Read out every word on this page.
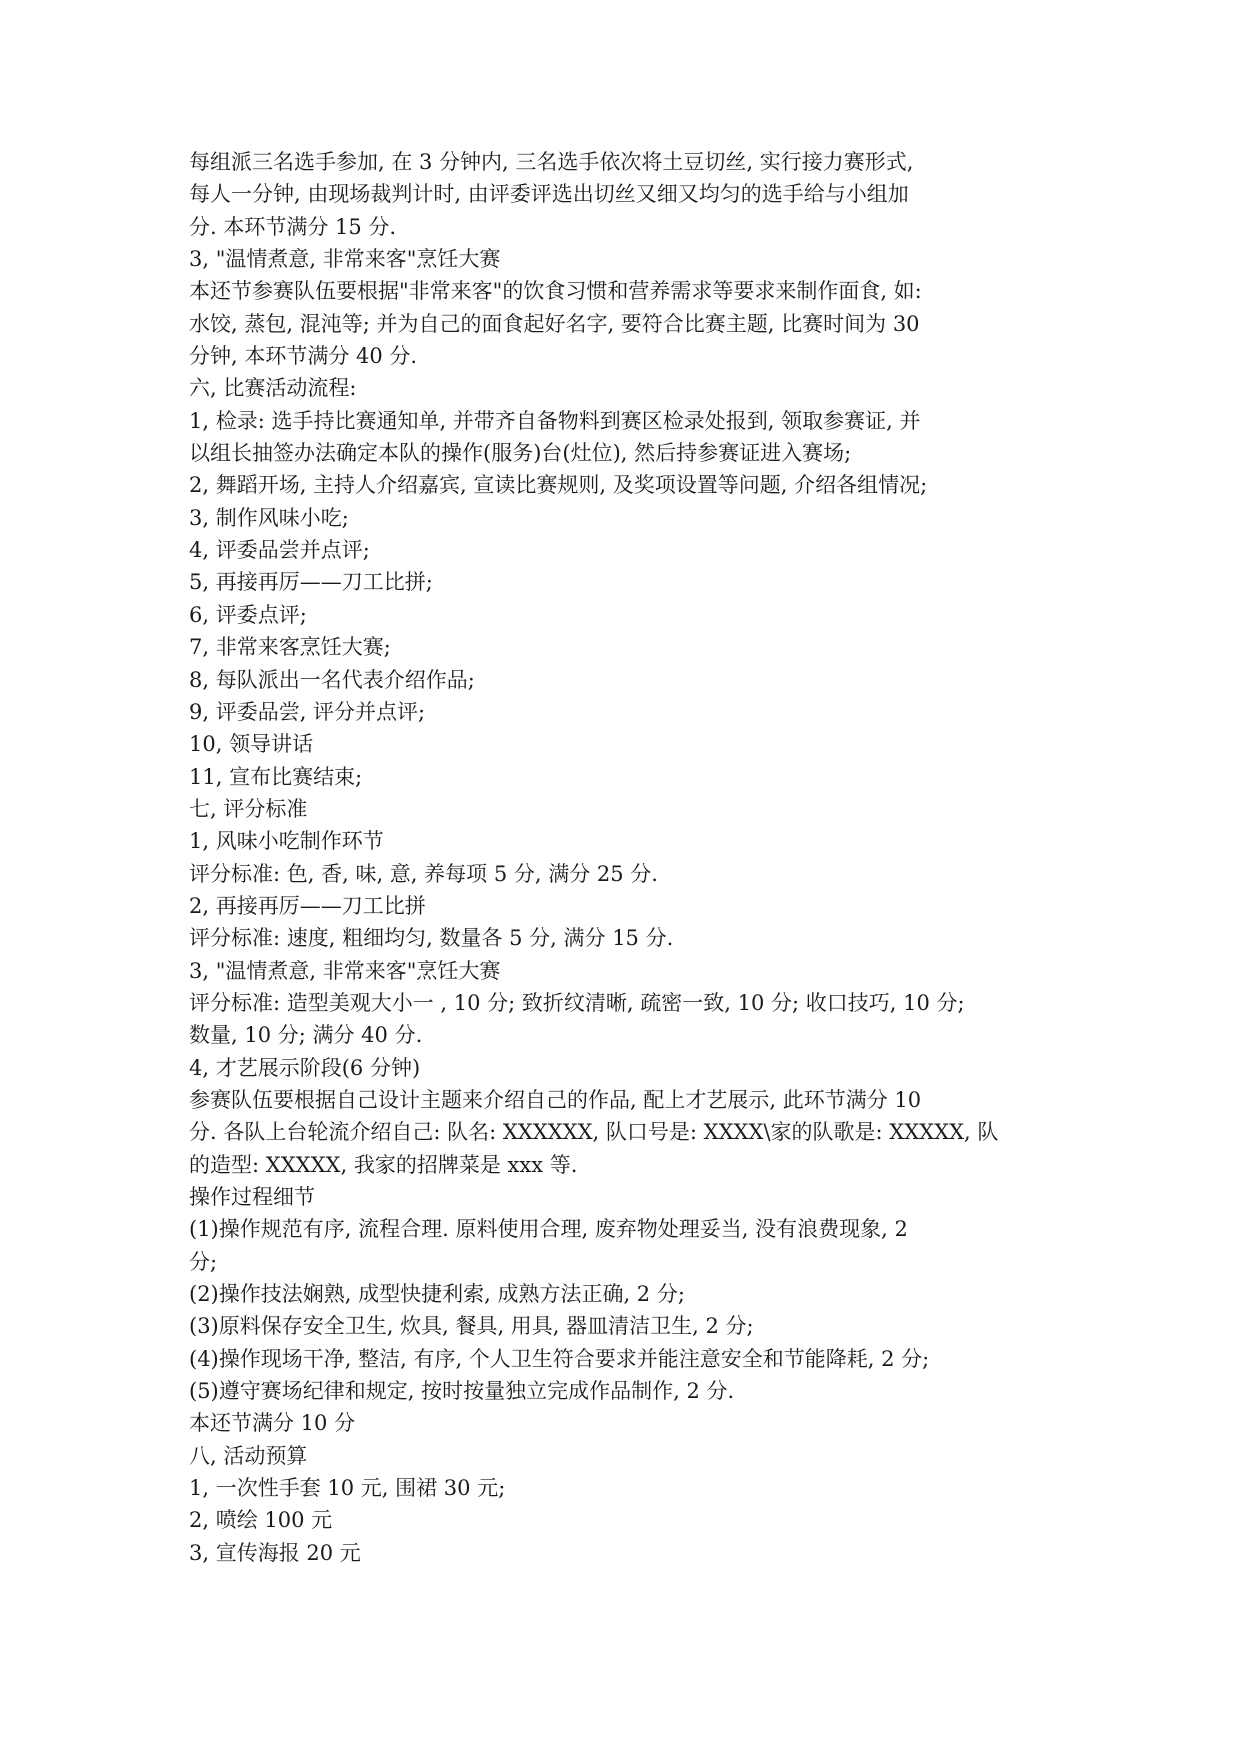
每组派三名选手参加, 在 3 分钟内, 三名选手依次将土豆切丝, 实行接力赛形式,
每人一分钟, 由现场裁判计时, 由评委评选出切丝又细又均匀的选手给与小组加
分. 本环节满分 15 分.
3, "温情煮意, 非常来客"烹饪大赛
本还节参赛队伍要根据"非常来客"的饮食习惯和营养需求等要求来制作面食, 如:
水饺, 蒸包, 混沌等; 并为自己的面食起好名字, 要符合比赛主题, 比赛时间为 30
分钟, 本环节满分 40 分.
六, 比赛活动流程:
1, 检录: 选手持比赛通知单, 并带齐自备物料到赛区检录处报到, 领取参赛证, 并
以组长抽签办法确定本队的操作(服务)台(灶位), 然后持参赛证进入赛场;
2, 舞蹈开场, 主持人介绍嘉宾, 宣读比赛规则, 及奖项设置等问题, 介绍各组情况;
3, 制作风味小吃;
4, 评委品尝并点评;
5, 再接再厉——刀工比拼;
6, 评委点评;
7, 非常来客烹饪大赛;
8, 每队派出一名代表介绍作品;
9, 评委品尝, 评分并点评;
10, 领导讲话
11, 宣布比赛结束;
七, 评分标准
1, 风味小吃制作环节
评分标准: 色, 香, 味, 意, 养每项 5 分, 满分 25 分.
2, 再接再厉——刀工比拼
评分标准: 速度, 粗细均匀, 数量各 5 分, 满分 15 分.
3, "温情煮意, 非常来客"烹饪大赛
评分标准: 造型美观大小一 , 10 分; 致折纹清晰, 疏密一致, 10 分; 收口技巧, 10 分;
数量, 10 分; 满分 40 分.
4, 才艺展示阶段(6 分钟)
参赛队伍要根据自己设计主题来介绍自己的作品, 配上才艺展示, 此环节满分 10
分. 各队上台轮流介绍自己: 队名: XXXXXX, 队口号是: XXXX\家的队歌是: XXXXX, 队
的造型: XXXXX, 我家的招牌菜是 xxx 等.
操作过程细节
(1)操作规范有序, 流程合理. 原料使用合理, 废弃物处理妥当, 没有浪费现象, 2
分;
(2)操作技法娴熟, 成型快捷利索, 成熟方法正确, 2 分;
(3)原料保存安全卫生, 炊具, 餐具, 用具, 器皿清洁卫生, 2 分;
(4)操作现场干净, 整洁, 有序, 个人卫生符合要求并能注意安全和节能降耗, 2 分;
(5)遵守赛场纪律和规定, 按时按量独立完成作品制作, 2 分.
本还节满分 10 分
八, 活动预算
1, 一次性手套 10 元, 围裙 30 元;
2, 喷绘 100 元
3, 宣传海报 20 元
